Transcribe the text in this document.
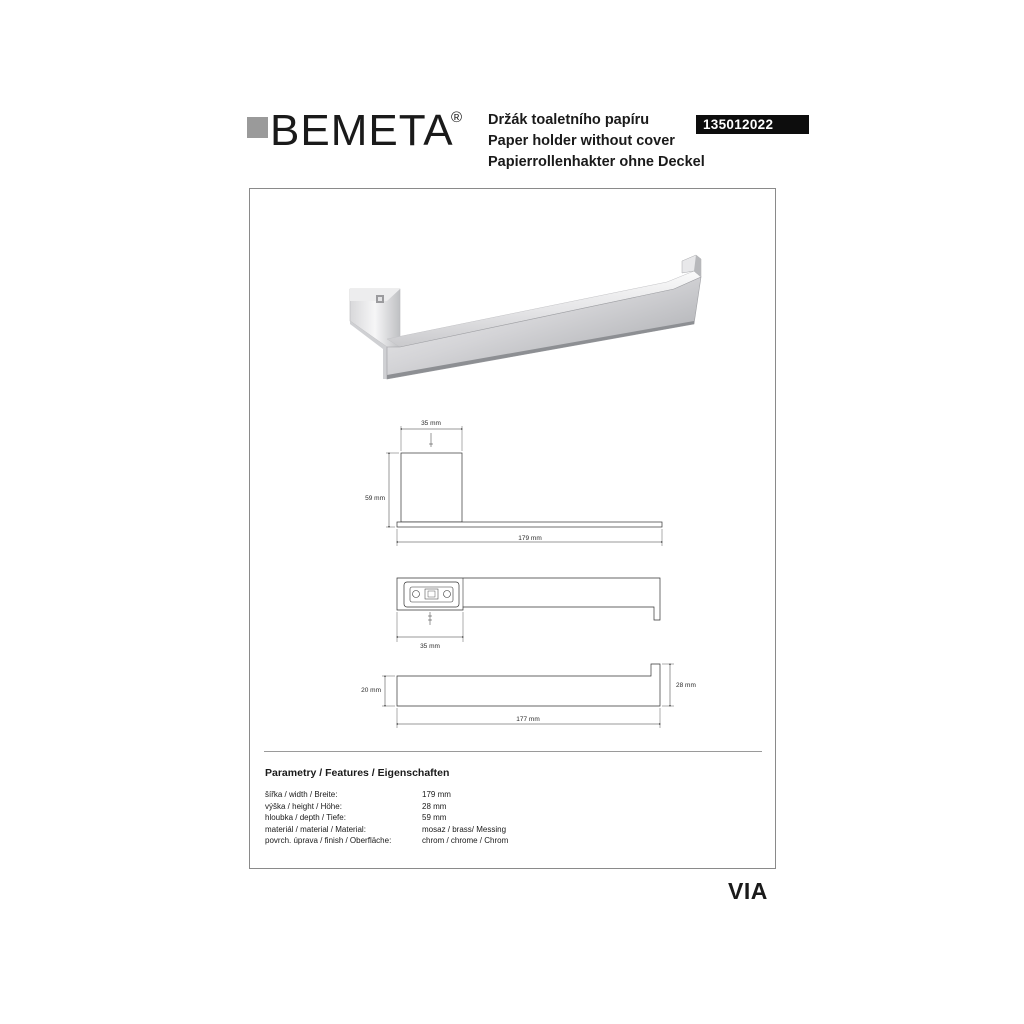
BEMETA
® Držák toaletního papíru
Paper holder without cover
Papierrollenhakter ohne Deckel
135012022
35 mm
59 mm
179 mm
35 mm
20 mm
28 mm
177 mm
Parametry / Features / Eigenschaften
šířka / width / Breite:	179 mm
výška / height / Höhe:	28 mm
hloubka / depth / Tiefe:	59 mm
materiál / material / Material:	mosaz / brass/ Messing
povrch. úprava / finish / Oberfläche:	chrom / chrome / Chrom
VIA
